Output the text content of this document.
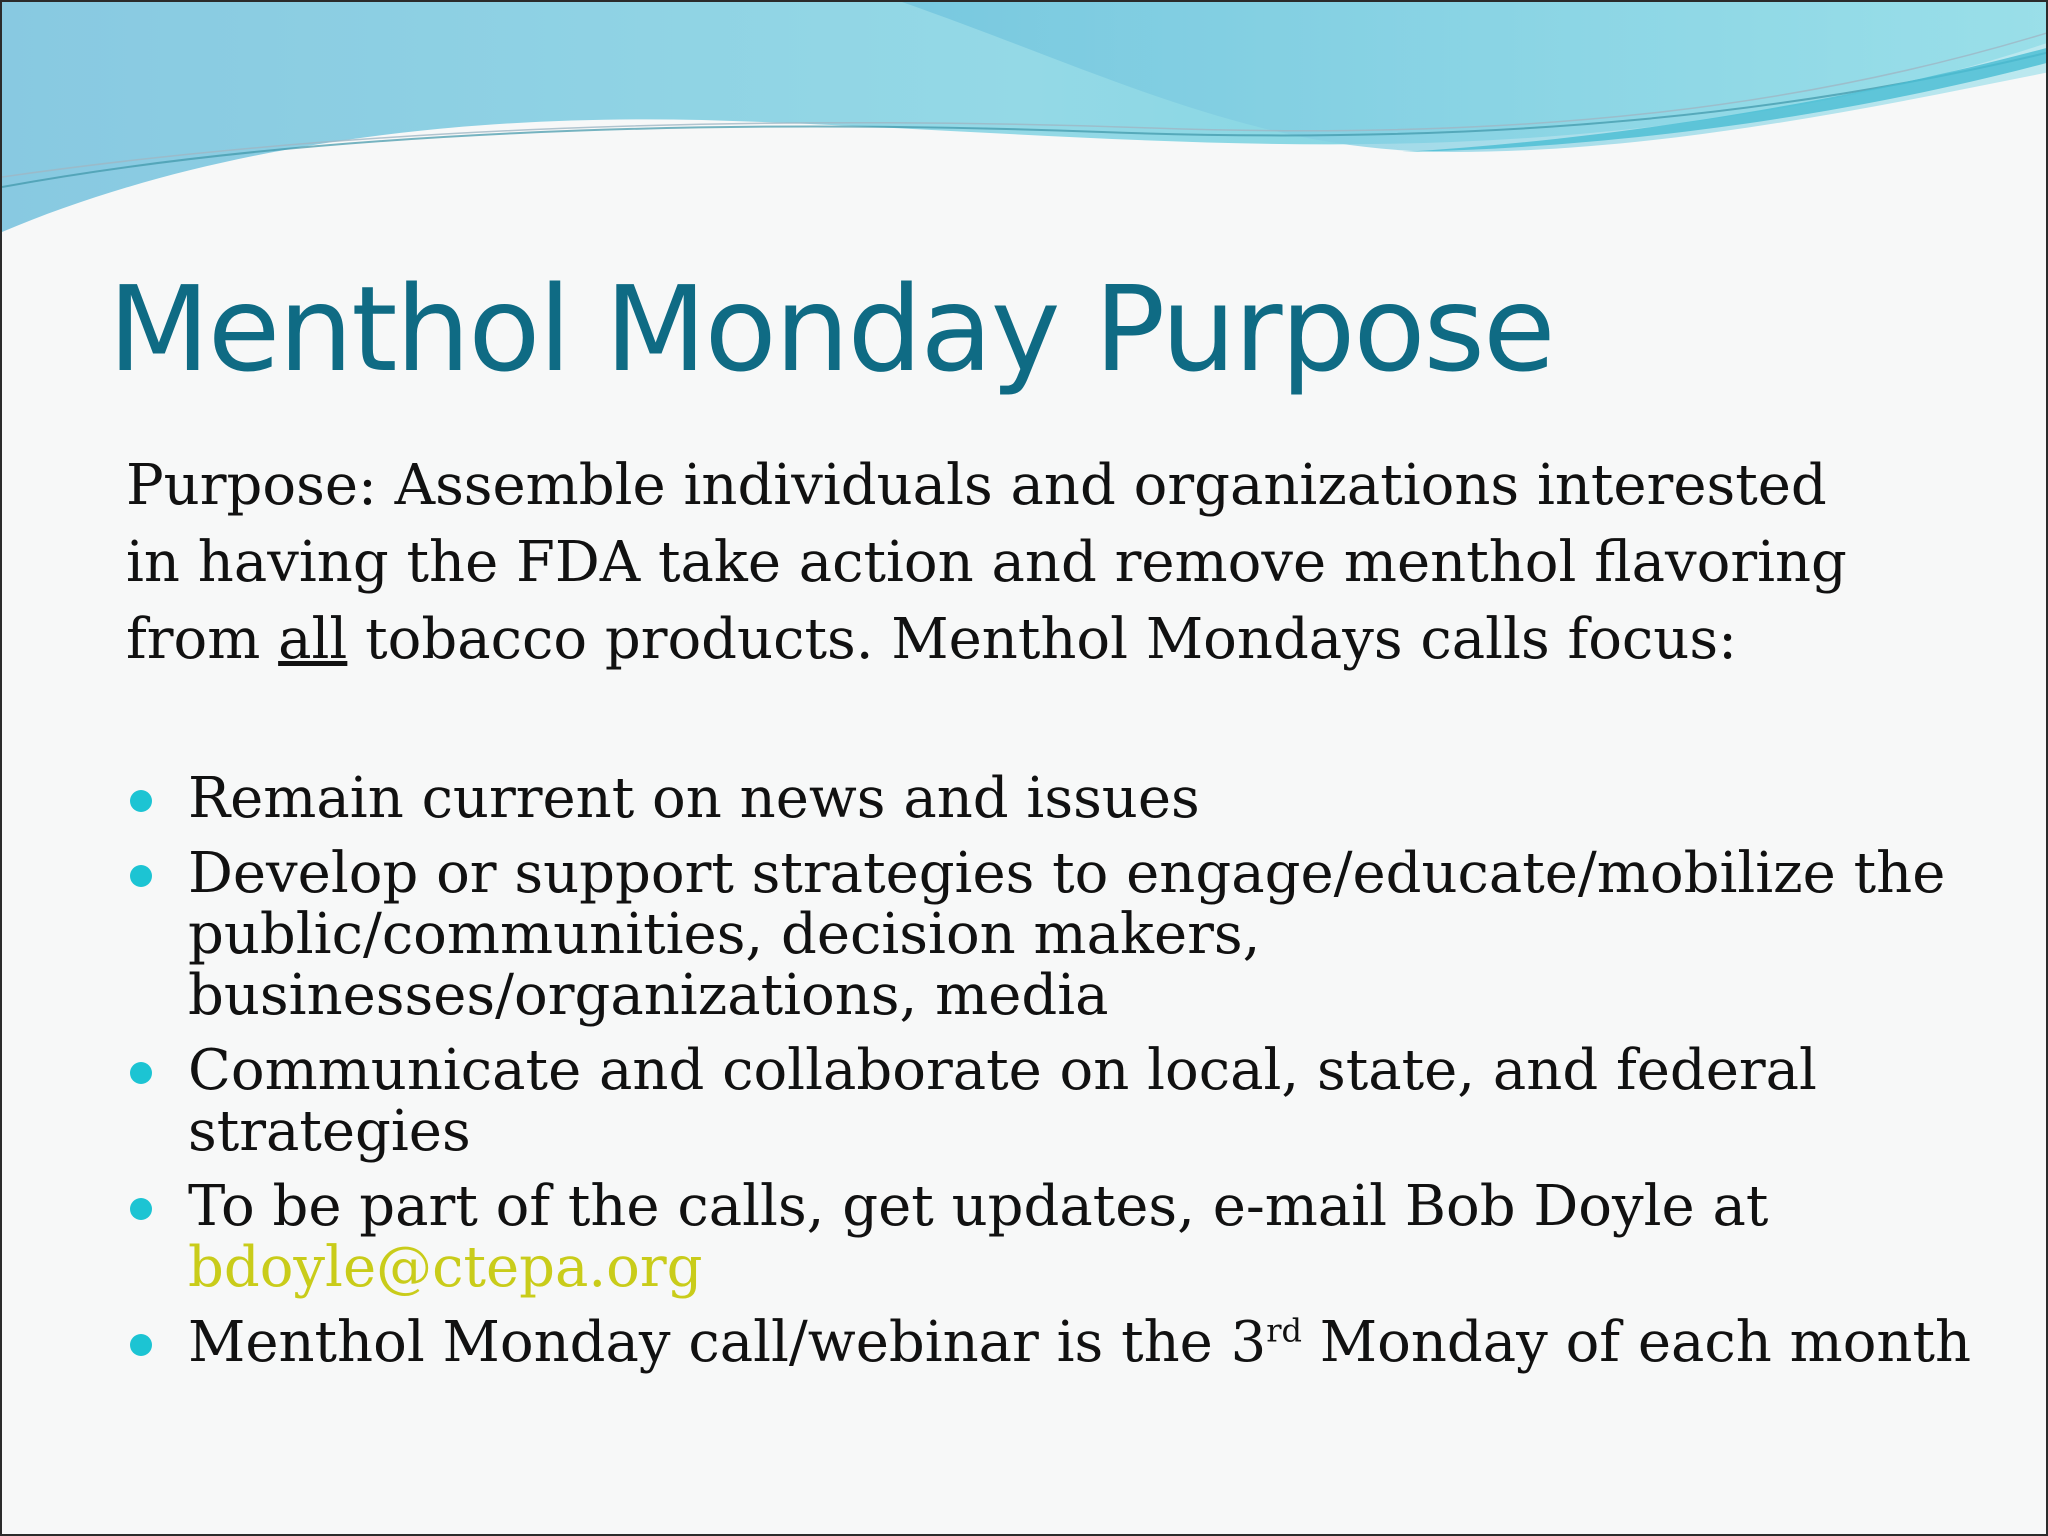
Menthol Monday Purpose

Purpose: Assemble individuals and organizations interested
in having the FDA take action and remove menthol flavoring
from all tobacco products. Menthol Mondays calls focus:

Remain current on news and issues
Develop or support strategies to engage/educate/mobilize the
public/communities, decision makers,
businesses/organizations, media
Communicate and collaborate on local, state, and federal
strategies
To be part of the calls, get updates, e-mail Bob Doyle at
bdoyle@ctepa.org
Menthol Monday call/webinar is the 3rd Monday of each month
